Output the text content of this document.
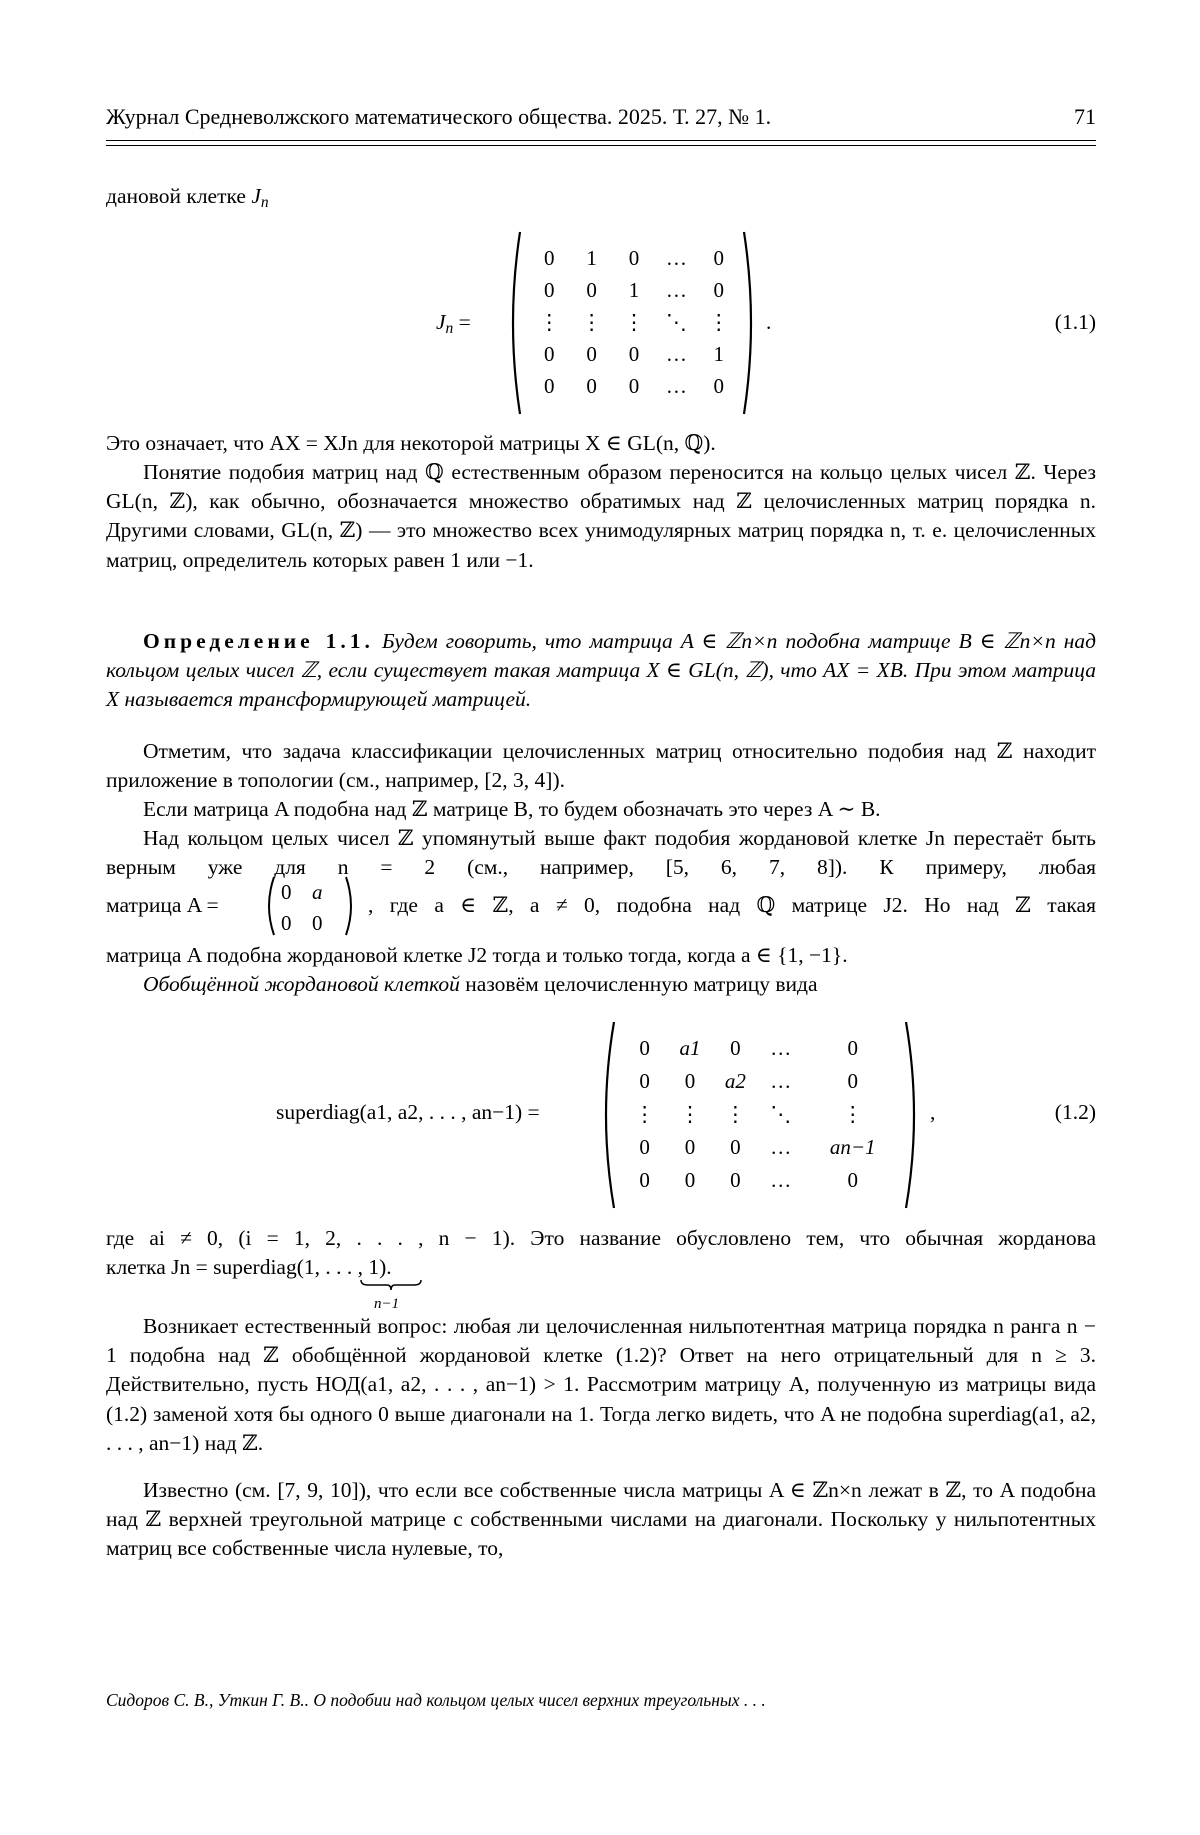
Журнал Средневолжского математического общества. 2025. Т. 27, № 1.	71
дановой клетке $J_n$
$J_n$ =
0	1	0	…	0
0	0	1	…	0
⋮	⋮	⋮	⋱	⋮
0	0	0	…	1
0	0	0	…	0
.	(1.1)

Это означает, что AX = XJn для некоторой матрицы X ∈ GL(n, ℚ).

Понятие подобия матриц над ℚ естественным образом переносится на кольцо целых чисел ℤ. Через GL(n, ℤ), как обычно, обозначается множество обратимых над ℤ целочисленных матриц порядка n. Другими словами, GL(n, ℤ) — это множество всех унимодулярных матриц порядка n, т. е. целочисленных матриц, определитель которых равен 1 или −1.

Определение 1.1. Будем говорить, что матрица A ∈ ℤn×n подобна матрице B ∈ ℤn×n над кольцом целых чисел ℤ, если существует такая матрица X ∈ GL(n, ℤ), что AX = XB. При этом матрица X называется трансформирующей матрицей.

Отметим, что задача классификации целочисленных матриц относительно подобия над ℤ находит приложение в топологии (см., например, [2, 3, 4]).

Если матрица A подобна над ℤ матрице B, то будем обозначать это через A ∼ B.

Над кольцом целых чисел ℤ упомянутый выше факт подобия жордановой клетке Jn перестаёт быть верным уже для n = 2 (см., например, [5, 6, 7, 8]). К примеру, любая

матрица A =
0	a
0	0
, где a ∈ ℤ, a ≠ 0, подобна над ℚ матрице J2. Но над ℤ такая

матрица A подобна жордановой клетке J2 тогда и только тогда, когда a ∈ {1, −1}.

Обобщённой жордановой клеткой назовём целочисленную матрицу вида

superdiag(a1, a2, . . . , an−1) =
0	a1	0	…	0
0	0	a2	…	0
⋮	⋮	⋮	⋱	⋮
0	0	0	…	an−1
0	0	0	…	0
,	(1.2)

где ai ≠ 0, (i = 1, 2, . . . , n − 1). Это название обусловлено тем, что обычная жорданова

клетка Jn = superdiag(1, . . . , 1).

n−1

Возникает естественный вопрос: любая ли целочисленная нильпотентная матрица порядка n ранга n − 1 подобна над ℤ обобщённой жордановой клетке (1.2)? Ответ на него отрицательный для n ≥ 3. Действительно, пусть НОД(a1, a2, . . . , an−1) > 1. Рассмотрим матрицу A, полученную из матрицы вида (1.2) заменой хотя бы одного 0 выше диагонали на 1. Тогда легко видеть, что A не подобна superdiag(a1, a2, . . . , an−1) над ℤ.

Известно (см. [7, 9, 10]), что если все собственные числа матрицы A ∈ ℤn×n лежат в ℤ, то A подобна над ℤ верхней треугольной матрице с собственными числами на диагонали. Поскольку у нильпотентных матриц все собственные числа нулевые, то,

Сидоров С. В., Уткин Г. В.. О подобии над кольцом целых чисел верхних треугольных . . .
